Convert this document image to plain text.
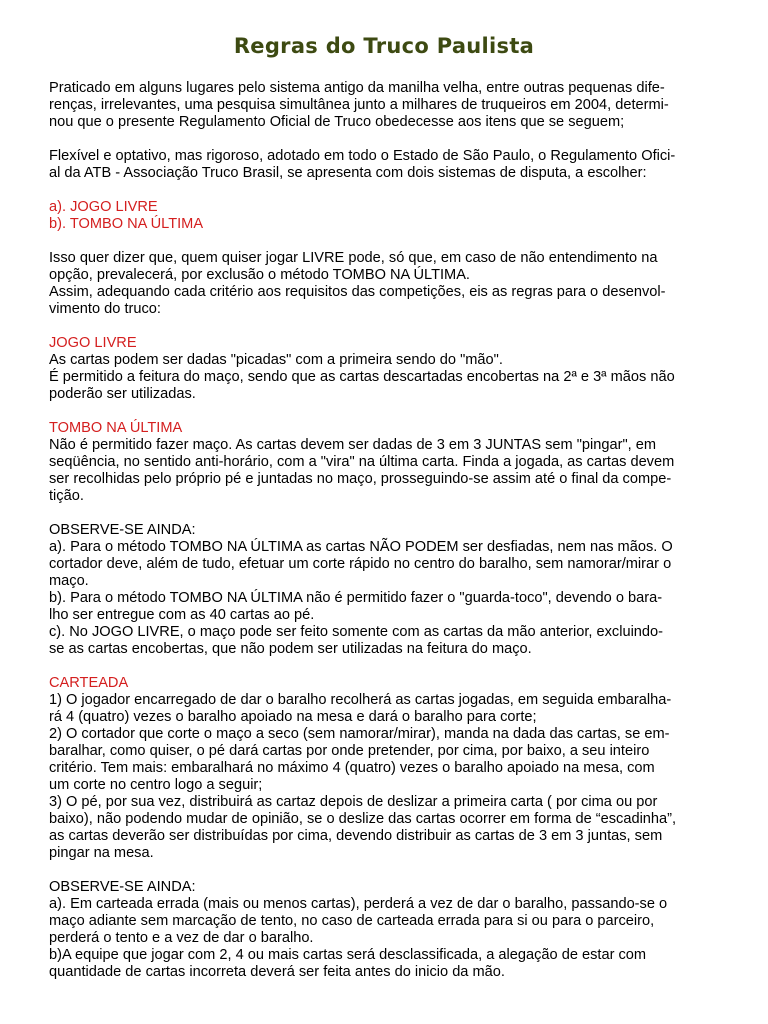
Regras do Truco Paulista
Praticado em alguns lugares pelo sistema antigo da manilha velha, entre outras pequenas dife-
renças, irrelevantes, uma pesquisa simultânea junto a milhares de truqueiros em 2004, determi-
nou que o presente Regulamento Oficial de Truco obedecesse aos itens que se seguem;
Flexível e optativo, mas rigoroso, adotado em todo o Estado de São Paulo, o Regulamento Ofici-
al da ATB - Associação Truco Brasil, se apresenta com dois sistemas de disputa, a escolher:
a). JOGO LIVRE
b). TOMBO NA ÚLTIMA
Isso quer dizer que, quem quiser jogar LIVRE pode, só que, em caso de não entendimento na
opção, prevalecerá, por exclusão o método TOMBO NA ÚLTIMA.
Assim, adequando cada critério aos requisitos das competições, eis as regras para o desenvol-
vimento do truco:
JOGO LIVRE
As cartas podem ser dadas "picadas" com a primeira sendo do "mão".
É permitido a feitura do maço, sendo que as cartas descartadas encobertas na 2ª e 3ª mãos não
poderão ser utilizadas.
TOMBO NA ÚLTIMA
Não é permitido fazer maço. As cartas devem ser dadas de 3 em 3 JUNTAS sem "pingar", em
seqüência, no sentido anti-horário, com a "vira" na última carta. Finda a jogada, as cartas devem
ser recolhidas pelo próprio pé e juntadas no maço, prosseguindo-se assim até o final da compe-
tição.
OBSERVE-SE AINDA:
a). Para o método TOMBO NA ÚLTIMA as cartas NÃO PODEM ser desfiadas, nem nas mãos. O
cortador deve, além de tudo, efetuar um corte rápido no centro do baralho, sem namorar/mirar o
maço.
b). Para o método TOMBO NA ÚLTIMA não é permitido fazer o "guarda-toco", devendo o bara-
lho ser entregue com as 40 cartas ao pé.
c). No JOGO LIVRE, o maço pode ser feito somente com as cartas da mão anterior, excluindo-
se as cartas encobertas, que não podem ser utilizadas na feitura do maço.
CARTEADA
1) O jogador encarregado de dar o baralho recolherá as cartas jogadas, em seguida embaralha-
rá 4 (quatro) vezes o baralho apoiado na mesa e dará o baralho para corte;
2) O cortador que corte o maço a seco (sem namorar/mirar), manda na dada das cartas, se em-
baralhar, como quiser, o pé dará cartas por onde pretender, por cima, por baixo, a seu inteiro
critério. Tem mais: embaralhará no máximo 4 (quatro) vezes o baralho apoiado na mesa, com
um corte no centro logo a seguir;
3) O pé, por sua vez, distribuirá as cartaz depois de deslizar a primeira carta ( por cima ou por
baixo), não podendo mudar de opinião, se o deslize das cartas ocorrer em forma de “escadinha”,
as cartas deverão ser distribuídas por cima, devendo distribuir as cartas de 3 em 3 juntas, sem
pingar na mesa.
OBSERVE-SE AINDA:
a). Em carteada errada (mais ou menos cartas), perderá a vez de dar o baralho, passando-se o
maço adiante sem marcação de tento, no caso de carteada errada para si ou para o parceiro,
perderá o tento e a vez de dar o baralho.
b)A equipe que jogar com 2, 4 ou mais cartas será desclassificada, a alegação de estar com
quantidade de cartas incorreta deverá ser feita antes do inicio da mão.
